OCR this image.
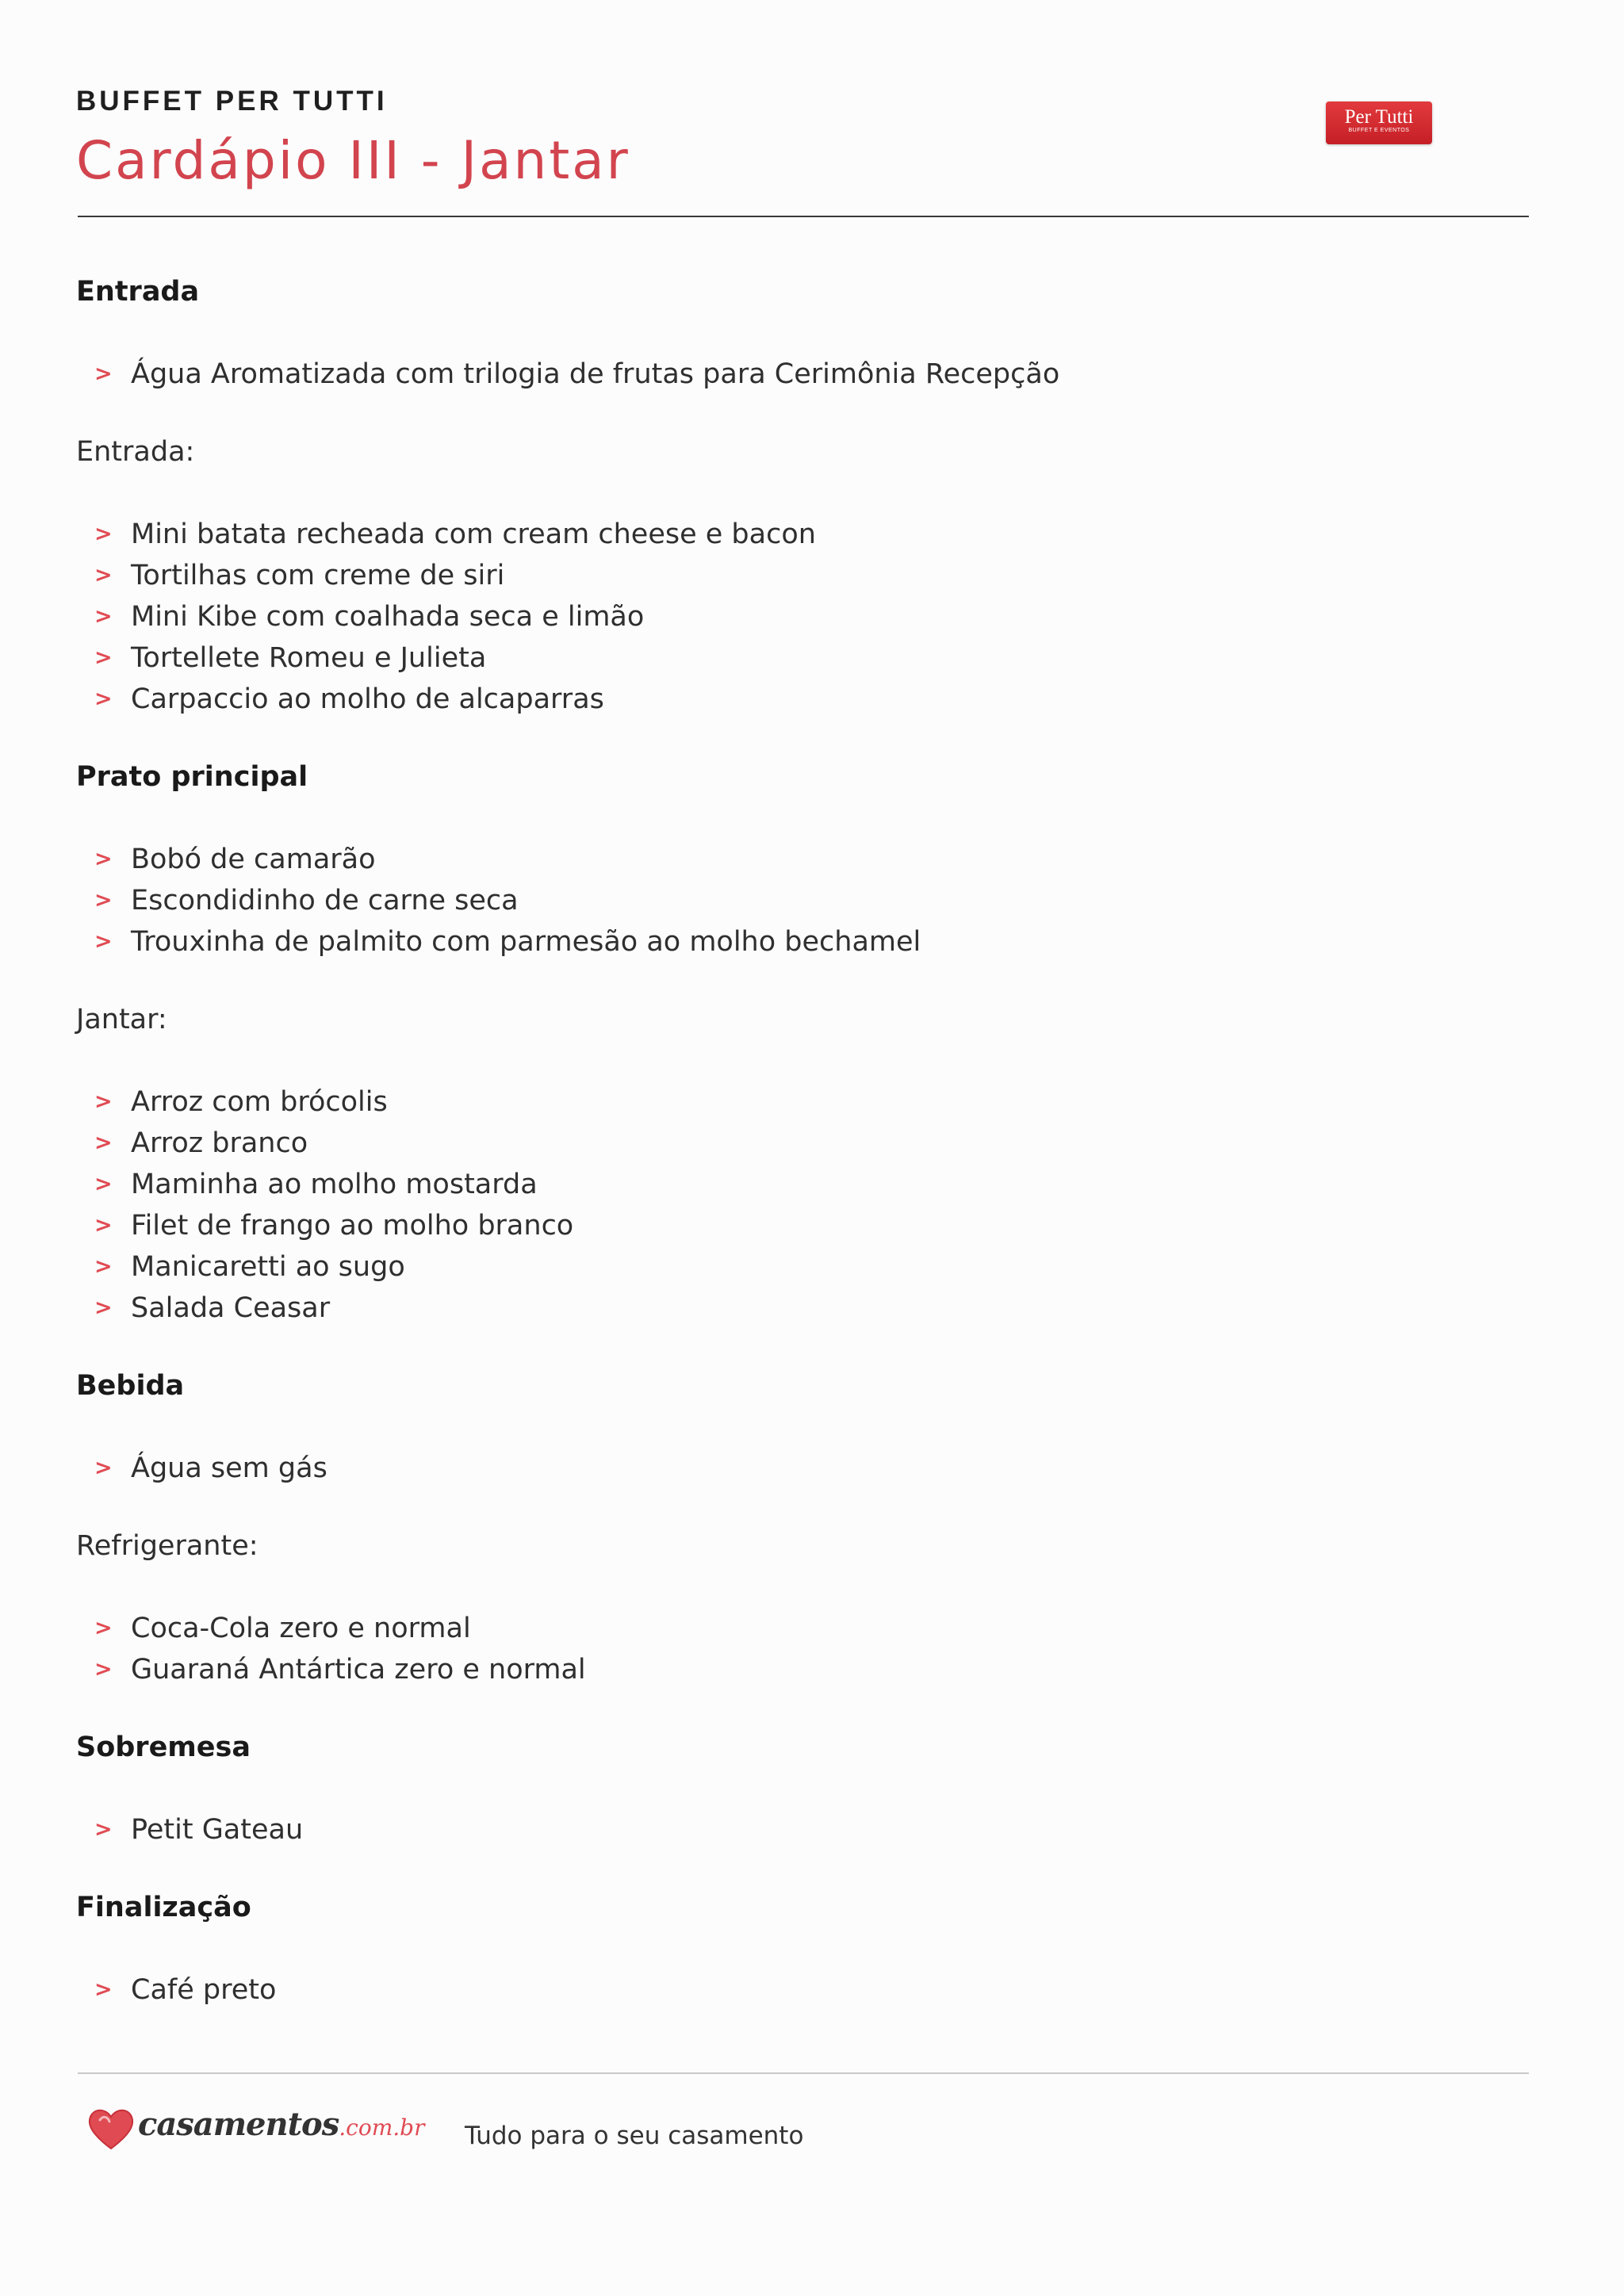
BUFFET PER TUTTI
Cardápio III - Jantar
Per Tutti
BUFFET E EVENTOS
Entrada
> Água Aromatizada com trilogia de frutas para Cerimônia Recepção
Entrada:
> Mini batata recheada com cream cheese e bacon
> Tortilhas com creme de siri
> Mini Kibe com coalhada seca e limão
> Tortellete Romeu e Julieta
> Carpaccio ao molho de alcaparras
Prato principal
> Bobó de camarão
> Escondidinho de carne seca
> Trouxinha de palmito com parmesão ao molho bechamel
Jantar:
> Arroz com brócolis
> Arroz branco
> Maminha ao molho mostarda
> Filet de frango ao molho branco
> Manicaretti ao sugo
> Salada Ceasar
Bebida
> Água sem gás
Refrigerante:
> Coca-Cola zero e normal
> Guaraná Antártica zero e normal
Sobremesa
> Petit Gateau
Finalização
> Café preto
casamentos.com.br Tudo para o seu casamento
